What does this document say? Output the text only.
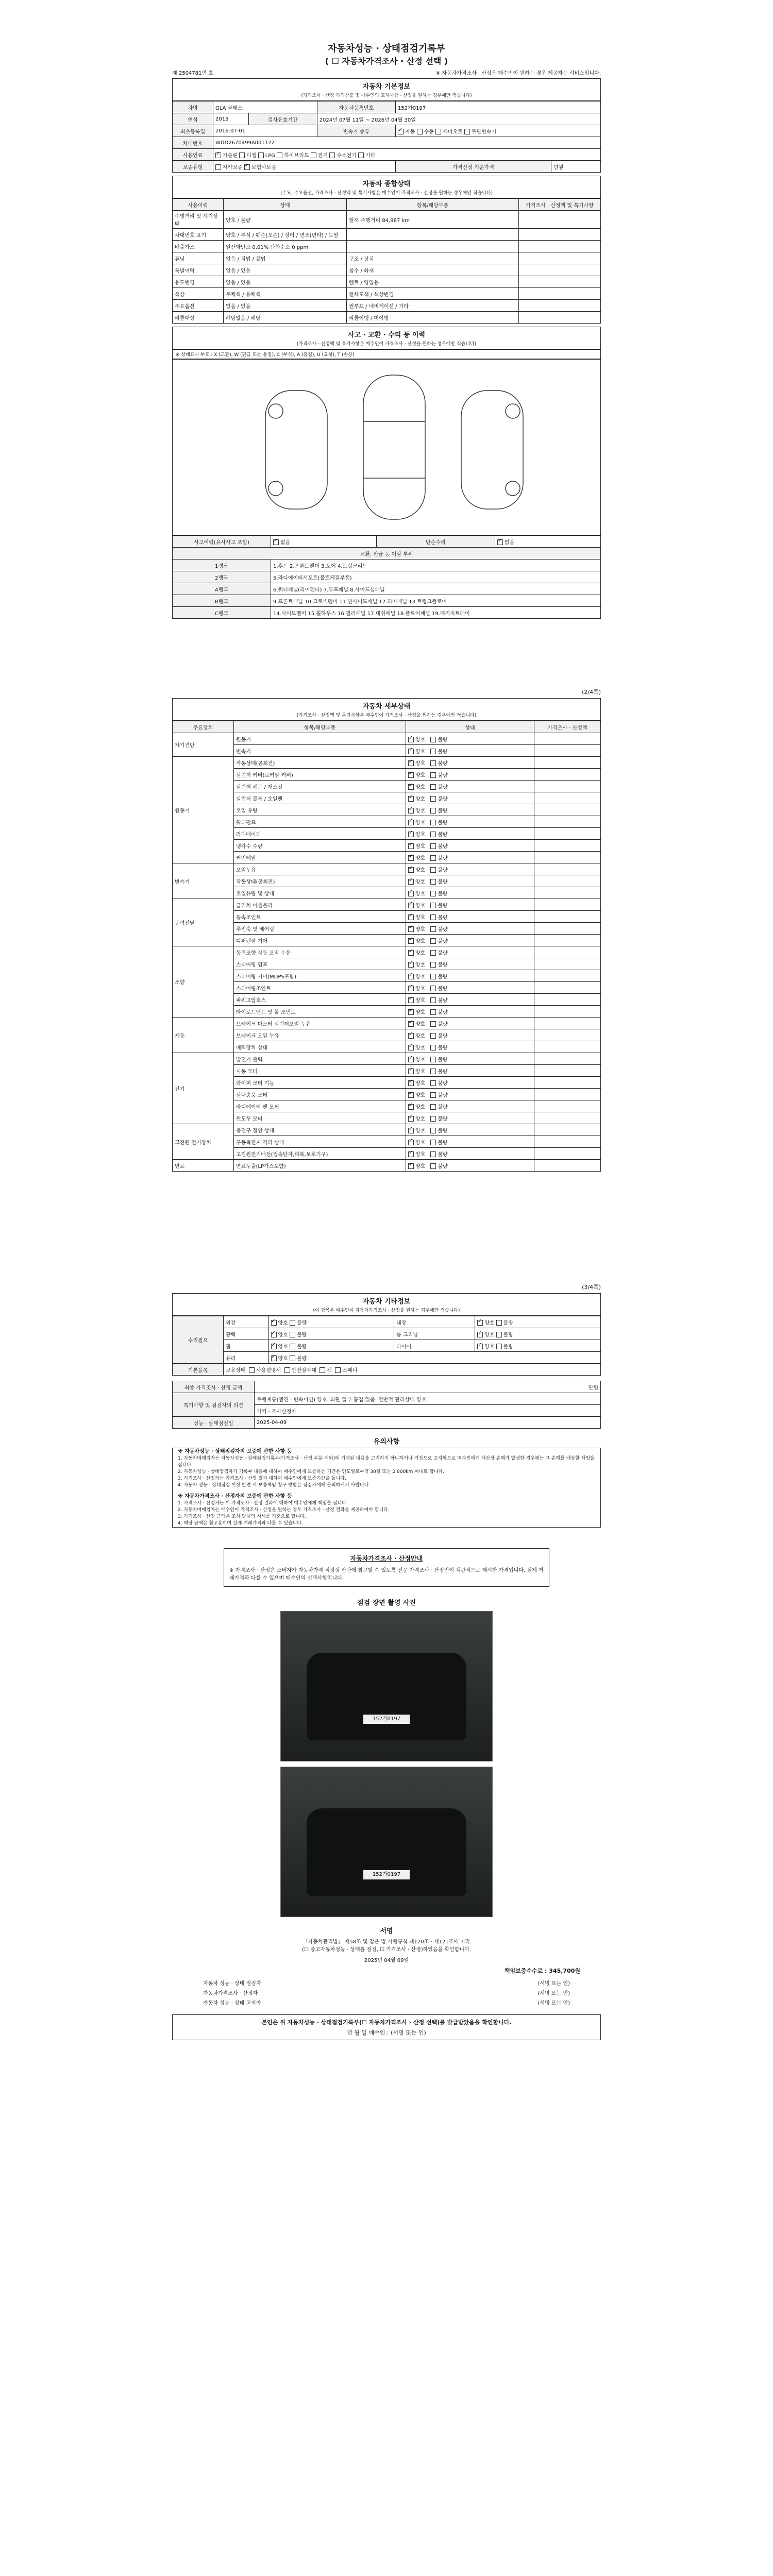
자동차성능 · 상태점검기록부
( ☐ 자동차가격조사 · 산정 선택 )
제 2504781번 호	※ 자동차가격조사 · 산정은 매수인이 원하는 경우 제공하는 서비스입니다.
자동차 기본정보
(가격조사 · 산정 가격산출 및 매수인의 고지사항 · 산정을 원하는 경우에만 적습니다)
차명	GLA 클래스		자동차등록번호	152가0197	
연식	2015	검사유효기간	2024년 07월 11일 ~ 2026년 04월 30일		
최초등록일	2016-07-01		변속기 종류	✓자동 수동 세미오토 무단변속기
차대번호	WDD2670499A001122				
사용연료	✓가솔린 디젤 LPG 하이브리드 전기 수소전기 기타
보증유형	자가보증 ✓보험사보증			가격산정 기준가격	만원
자동차 종합상태
(주요, 주요옵션, 가격조사 · 산정액 및 특기사항은 매수인이 가격조사 · 산정을 원하는 경우에만 적습니다)
사용이력	상태	항목/해당부품	가격조사 · 산정액 및 특기사항
주행거리 및 계기상태	양호 / 불량	현재 주행거리 84,987 km	
차대번호 표기	양호 / 부식 / 훼손(오손) / 상이 / 변조(변타) / 도말		
배출가스	일산화탄소 0.01% 탄화수소 0 ppm		
튜닝	없음 / 적법 / 불법	구조 / 장치	
특별이력	없음 / 있음	침수 / 화재	
용도변경	없음 / 있음	렌트 / 영업용	
색상	무채색 / 유채색	전체도색 / 색상변경	
주요옵션	없음 / 있음	썬루프 / 네비게이션 / 기타	
리콜대상	해당없음 / 해당	리콜이행 / 미이행	
사고 · 교환 · 수리 등 이력
(가격조사 · 산정액 및 특기사항은 매수인이 가격조사 · 산정을 원하는 경우에만 적습니다)
※ 상태표시 부호 : X (교환), W (판금 또는 용접), C (부식), A (흠집), U (요철), T (손상)
사고이력(유사사고 포함)	✓없음	단순수리	✓없음
교환, 판금 등 이상 부위			
1랭크	1.후드 2.프론트펜더 3.도어 4.트렁크리드		
2랭크	5.라디에이터서포트(볼트체결부품)		
A랭크	6.쿼터패널(리어펜더) 7.루프패널 8.사이드실패널		
B랭크	9.프론트패널 10.크로스멤버 11.인사이드패널 12.리어패널 13.트렁크플로어		
C랭크	14.사이드멤버 15.휠하우스 16.필러패널 17.대쉬패널 18.플로어패널 19.패키지트레이		
(2/4쪽)
자동차 세부상태
(가격조사 · 산정액 및 특기사항은 매수인이 가격조사 · 산정을 원하는 경우에만 적습니다)
주요장치	항목/해당부품	상태	가격조사 · 산정액
자기진단	원동기	✓양호 불량	
	변속기	✓양호 불량	
원동기	작동상태(공회전)	✓양호 불량	
	실린더 커버(로커암 커버)	✓양호 불량	
	실린더 헤드 / 개스킷	✓양호 불량	
	실린더 블록 / 오일팬	✓양호 불량	
	오일 유량	✓양호 불량	
	워터펌프	✓양호 불량	
	라디에이터	✓양호 불량	
	냉각수 수량	✓양호 불량	
	커먼레일	✓양호 불량	
변속기	오일누유	✓양호 불량	
	작동상태(공회전)	✓양호 불량	
	오일유량 및 상태	✓양호 불량	
동력전달	클러치 어셈블리	✓양호 불량	
	등속조인트	✓양호 불량	
	추진축 및 베어링	✓양호 불량	
	디퍼렌셜 기어	✓양호 불량	
조향	동력조향 작동 오일 누유	✓양호 불량	
	스티어링 펌프	✓양호 불량	
	스티어링 기어(MDPS포함)	✓양호 불량	
	스티어링조인트	✓양호 불량	
	파워고압호스	✓양호 불량	
	타이로드엔드 및 볼 조인트	✓양호 불량	
제동	브레이크 마스터 실린더오일 누유	✓양호 불량	
	브레이크 오일 누유	✓양호 불량	
	배력장치 상태	✓양호 불량	
전기	발전기 출력	✓양호 불량	
	시동 모터	✓양호 불량	
	와이퍼 모터 기능	✓양호 불량	
	실내송풍 모터	✓양호 불량	
	라디에이터 팬 모터	✓양호 불량	
	윈도우 모터	✓양호 불량	
고전원 전기장치	충전구 절연 상태	✓양호 불량	
	구동축전지 격리 상태	✓양호 불량	
	고전원전기배선(접속단자,피복,보호기구)	✓양호 불량	
연료	연료누출(LP가스포함)	✓양호 불량	
(3/4쪽)
자동차 기타정보
(이 항목은 매수인이 자동차가격조사 · 산정을 원하는 경우에만 적습니다)
수리필요	외장	✓양호 불량	내장	✓양호 불량
	광택	✓양호 불량	룸 크리닝	✓양호 불량
	휠	✓양호 불량	타이어	✓양호 불량
	유리	✓양호 불량
기본품목	보유상태 사용설명서 안전삼각대 잭 스패너			
최종 가격조사 · 산정 금액	만원
특기사항 및 점검자의 의견	주행계통(엔진 · 변속미션) 양호. 외관 일부 흠집 있음. 전반적 관리상태 양호.
	가격 · 조사산정자
성능 · 상태점검일	2025-04-09
유의사항
※ 자동차성능 · 상태점검자의 보증에 관한 사항 등
1. 자동차매매업자는 자동차성능 · 상태점검기록부(가격조사 · 산정 부분 제외)에 기재된 내용을 고지하지 아니하거나 거짓으로 고지함으로 매수인에게 재산상 손해가 발생한 경우에는 그 손해를 배상할 책임을 집니다.
2. 자동차성능 · 상태점검자가 기록부 내용에 대하여 매수인에게 보증하는 기간은 인도일로부터 30일 또는 2,000km 이내로 합니다.
3. 가격조사 · 산정자는 가격조사 · 산정 결과 대하여 매수인에게 보증기간을 둡니다.
4. 자동차 성능 · 상태점검 이상 발견 시 보증책임 청구 방법은 점검자에게 문의하시기 바랍니다.
※ 자동차가격조사 · 산정자의 보증에 관한 사항 등
1. 가격조사 · 산정자는 이 가격조사 · 산정 결과에 대하여 매수인에게 책임을 집니다.
2. 자동차매매업자는 매수인이 가격조사 · 산정을 원하는 경우 가격조사 · 산정 결과를 제공하여야 합니다.
3. 가격조사 · 산정 금액은 조사 당시의 시세를 기준으로 합니다.
4. 해당 금액은 참고용이며 실제 거래가격과 다를 수 있습니다.
자동차가격조사 · 산정안내
※ 가격조사 · 산정은 소비자가 자동차가격 적정성 판단에 참고할 수 있도록 전문 가격조사 · 산정인이 객관적으로 제시한 가격입니다. 실제 거래가격과 다를 수 있으며 매수인의 선택사항입니다.
점검 장면 촬영 사진
152가0197
152가0197
서명
「자동차관리법」 제58조 및 같은 법 시행규칙 제120조 · 제121조에 따라
(☐ 중고자동차성능 · 상태를 점검, ☐ 가격조사 · 산정)하였음을 확인합니다.
2025년 04월 09일
책임보증수수료 : 345,700원
자동차 성능 · 상태 점검자	(서명 또는 인)
자동차가격조사 · 산정자	(서명 또는 인)
자동차 성능 · 상태 고지자	(서명 또는 인)
본인은 위 자동차성능 · 상태점검기록부(☐ 자동차가격조사 · 산정 선택)를 발급받았음을 확인합니다.
년 월 일 매수인 : (서명 또는 인)
